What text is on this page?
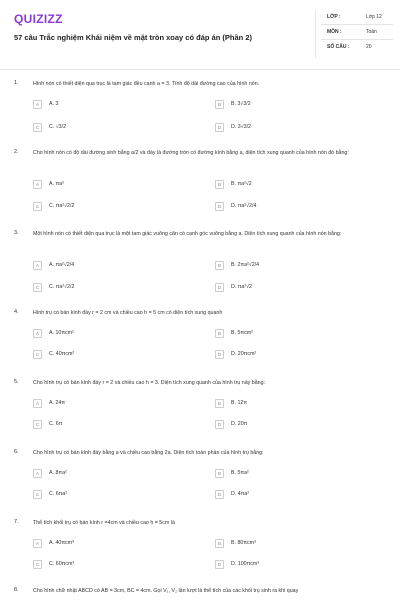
QUIZIZZ
57 câu Trắc nghiệm Khái niệm về mặt tròn xoay có đáp án (Phần 2)
LỚP :	Lớp 12
MÔN :	Toán
SỐ CÂU :	20
1.	Hình nón có thiết diện qua trục là tam giác đều cạnh a = 3. Tính độ dài đường cao của hình nón.
A	A. 3	B	B. 3√3/2
C	C. √3/2	D	D. 3√3/2
2.	Cho hình nón có độ dài đường sinh bằng a/2 và đáy là đường tròn có đường kính bằng a, diện tích xung quanh của hình nón đó bằng:
A	A. πa²	B	B. πa²√2
C	C. πa²√2/2	D	D. πa²√2/4
3.	Một hình nón có thiết diện qua trục là một tam giác vuông cân có cạnh góc vuông bằng a. Diện tích xung quanh của hình nón bằng:
A	A. πa²√2/4	B	B. 2πa²√2/4
C	C. πa²√2/2	D	D. πa²√2
4.	Hình trụ có bán kính đáy r = 2 cm và chiều cao h = 5 cm có diện tích xung quanh
A	A. 10πcm²	B	B. 5πcm²
C	C. 40πcm²	D	D. 20πcm²
5.	Cho hình trụ có bán kính đáy r = 2 và chiều cao h = 3. Diện tích xung quanh của hình trụ này bằng:
A	A. 24π	B	B. 12π
C	C. 6π	D	D. 20π
6.	Cho hình trụ có bán kính đáy bằng a và chiều cao bằng 2a. Diện tích toàn phần của hình trụ bằng:
A	A. 8πa²	B	B. 5πa²
C	C. 6πa²	D	D. 4πa²
7.	Thể tích khối trụ có bán kính r =4cm và chiều cao h = 5cm là
A	A. 40πcm³	B	B. 80πcm³
C	C. 60πcm³	D	D. 100πcm³
8.	Cho hình chữ nhật ABCD có AB = 3cm, BC = 4cm. Gọi V₁, V₂ lần lượt là thể tích của các khối trụ sinh ra khi quay
